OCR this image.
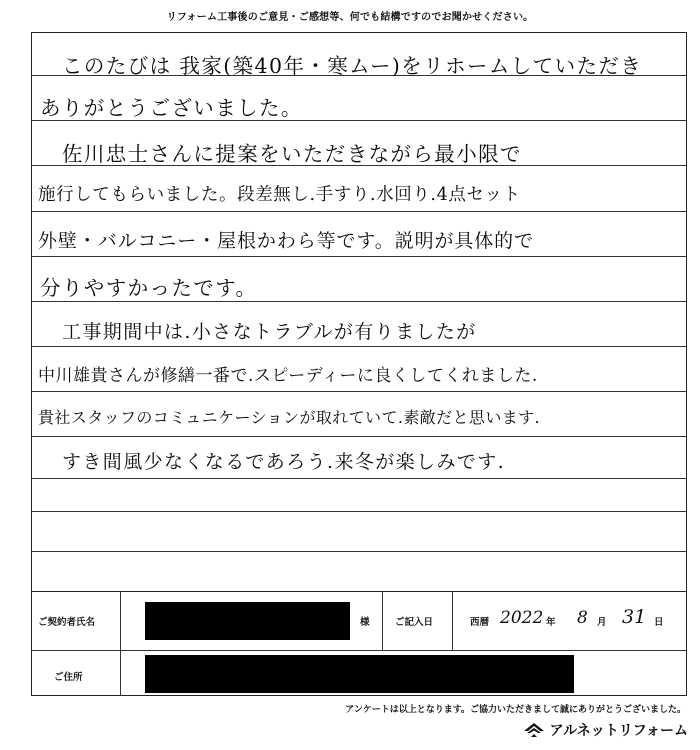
リフォーム工事後のご意見・ご感想等、何でも結構ですのでお聞かせください。
このたびは 我家(築40年・寒ムー)をリホームしていただき
ありがとうございました。
佐川忠士さんに提案をいただきながら最小限で
施行してもらいました。段差無し.手すり.水回り.4点セット
外壁・バルコニー・屋根かわら等です。説明が具体的で
分りやすかったです。
工事期間中は.小さなトラブルが有りましたが
中川雄貴さんが修繕一番で.スピーディーに良くしてくれました.
貴社スタッフのコミュニケーションが取れていて.素敵だと思います.
すき間風少なくなるであろう.来冬が楽しみです.
ご契約者氏名	様	ご記入日	西暦 2022 年 8 月 31 日
ご住所
アンケートは以上となります。ご協力いただきまして誠にありがとうございました。
アルネットリフォーム
